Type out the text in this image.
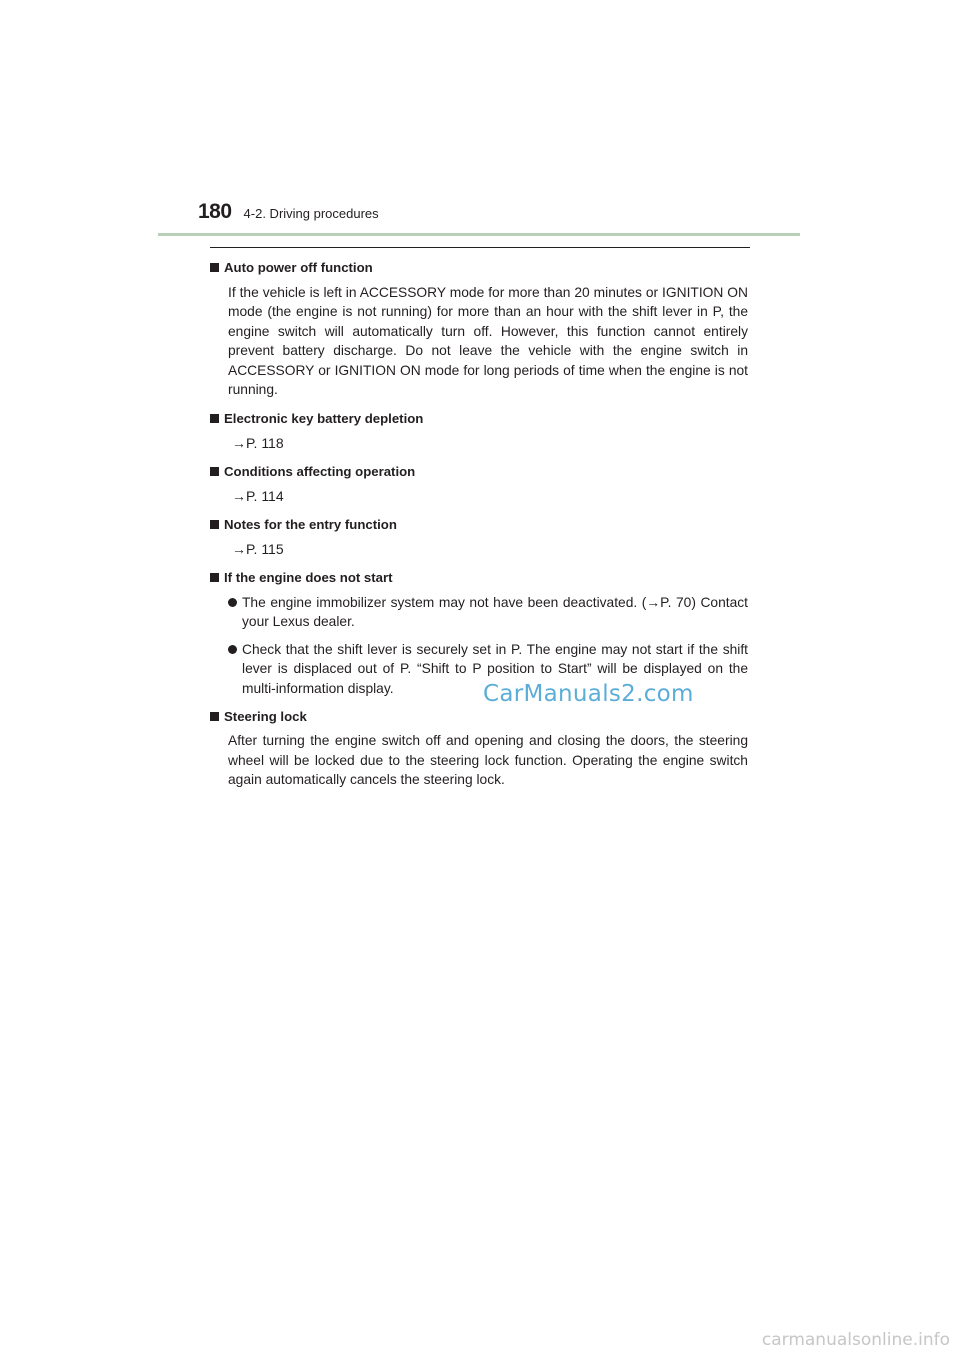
180 4-2. Driving procedures
Auto power off function
If the vehicle is left in ACCESSORY mode for more than 20 minutes or IGNITION ON mode (the engine is not running) for more than an hour with the shift lever in P, the engine switch will automatically turn off. However, this function cannot entirely prevent battery discharge. Do not leave the vehicle with the engine switch in ACCESSORY or IGNITION ON mode for long periods of time when the engine is not running.
Electronic key battery depletion
→P. 118
Conditions affecting operation
→P. 114
Notes for the entry function
→P. 115
If the engine does not start
The engine immobilizer system may not have been deactivated. (→P. 70) Contact your Lexus dealer.
Check that the shift lever is securely set in P. The engine may not start if the shift lever is displaced out of P. “Shift to P position to Start” will be displayed on the multi-information display.
Steering lock
After turning the engine switch off and opening and closing the doors, the steering wheel will be locked due to the steering lock function. Operating the engine switch again automatically cancels the steering lock.
CarManuals2.com
carmanualsonline.info
